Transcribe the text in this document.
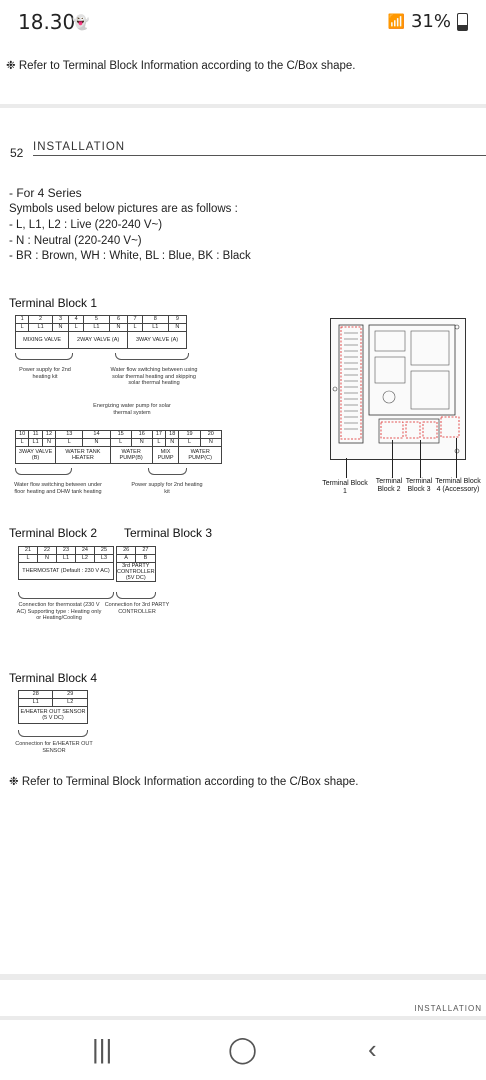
18.30
👻	📶 31%
❉ Refer to Terminal Block Information according to the C/Box shape.
52 INSTALLATION
- For 4 Series
Symbols used below pictures are as follows :
- L, L1, L2 : Live (220-240 V~)
- N : Neutral (220-240 V~)
- BR : Brown, WH : White, BL : Blue, BK : Black
Terminal Block 1
1	2	3	4	5	6	7	8	9
L	L1	N	L	L1	N	L	L1	N
MIXING VALVE			2WAY VALVE (A)			3WAY VALVE (A)		
Power supply for 2nd heating kit
Water flow switching between using solar thermal heating and skipping solar thermal heating
Energizing water pump for solar thermal system
10	11	12	13	14	15	16	17	18	19	20
L	L1	N	L	N	L	N	L	N	L	N
3WAY VALVE (B)			WATER TANK HEATER		WATER PUMP(B)		MIX PUMP		WATER PUMP(C)	
Water flow switching between under floor heating and DHW tank heating
Power supply for 2nd heating kit
Terminal Block 2 Terminal Block 3
21	22	23	24	25
L	N	L1	L2	L3
THERMOSTAT (Default : 230 V AC)				
26	27
A	B
3rd PARTY CONTROLLER (5V DC)	
Connection for thermostat (230 V AC) Supporting type : Heating only or Heating/Cooling
Connection for 3rd PARTY CONTROLLER
Terminal Block 4
28	29
L1	L2
E/HEATER OUT SENSOR (5 V DC)	
Connection for E/HEATER OUT SENSOR
❉ Refer to Terminal Block Information according to the C/Box shape.
Terminal Block 1
Terminal Block 2
Terminal Block 3
Terminal Block 4 (Accessory)
INSTALLATION
|||	◯	‹
